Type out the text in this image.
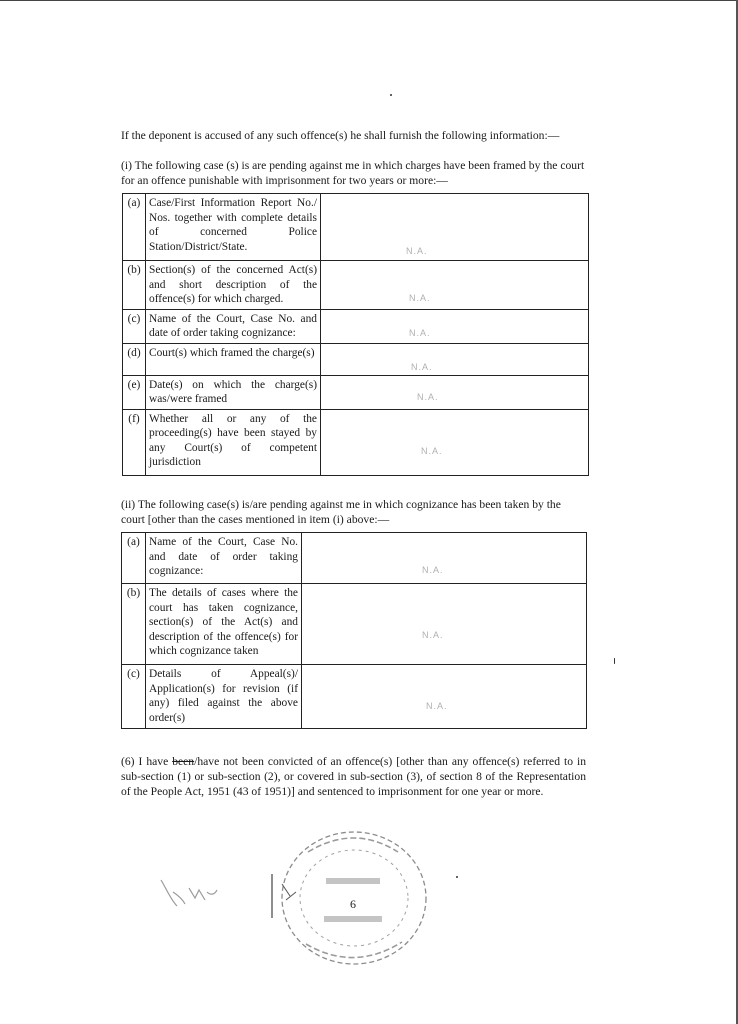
If the deponent is accused of any such offence(s) he shall furnish the following information:—

(i) The following case (s) is are pending against me in which charges have been framed by the court for an offence punishable with imprisonment for two years or more:—

(a)	Case/First Information Report No./ Nos. together with complete details of concerned Police Station/District/State.	N.A.

(b)	Section(s) of the concerned Act(s) and short description of the offence(s) for which charged.	N.A.

(c)	Name of the Court, Case No. and date of order taking cognizance:	N.A.

(d)	Court(s) which framed the charge(s)	N.A.

(e)	Date(s) on which the charge(s) was/were framed	N.A.

(f)	Whether all or any of the proceeding(s) have been stayed by any Court(s) of competent jurisdiction	N.A.

(ii) The following case(s) is/are pending against me in which cognizance has been taken by the court [other than the cases mentioned in item (i) above:—

(a)	Name of the Court, Case No. and date of order taking cognizance:	N.A.

(b)	The details of cases where the court has taken cognizance, section(s) of the Act(s) and description of the offence(s) for which cognizance taken	N.A.

(c)	Details of Appeal(s)/ Application(s) for revision (if any) filed against the above order(s)	N.A.

(6) I have been/have not been convicted of an offence(s) [other than any offence(s) referred to in sub-section (1) or sub-section (2), or covered in sub-section (3), of section 8 of the Representation of the People Act, 1951 (43 of 1951)] and sentenced to imprisonment for one year or more.

6
